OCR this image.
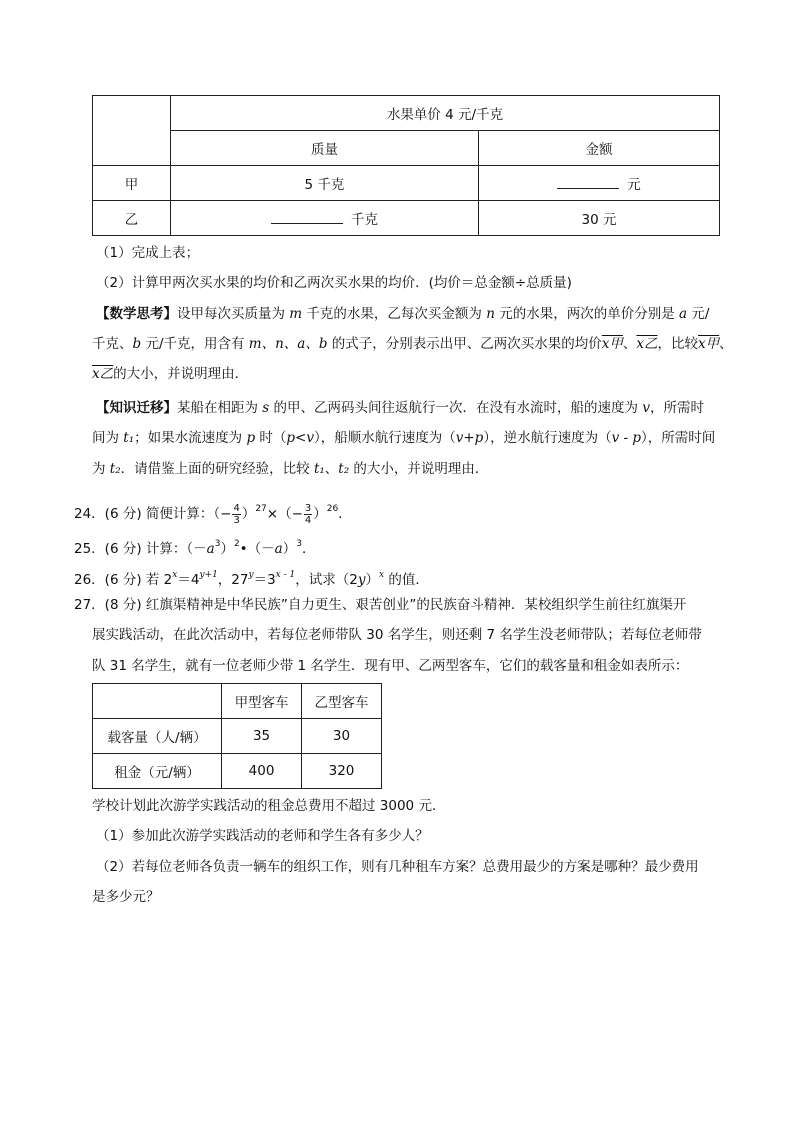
	水果单价 4 元/千克	
	质量	金额
甲	5 千克	元
乙	千克	30 元
（1）完成上表；
（2）计算甲两次买水果的均价和乙两次买水果的均价．(均价＝总金额÷总质量)
【数学思考】设甲每次买质量为 m 千克的水果，乙每次买金额为 n 元的水果，两次的单价分别是 a 元/
千克、b 元/千克，用含有 m、n、a、b 的式子，分别表示出甲、乙两次买水果的均价x甲、x乙，比较x甲、
x乙的大小，并说明理由．
【知识迁移】某船在相距为 s 的甲、乙两码头间往返航行一次．在没有水流时，船的速度为 v，所需时
间为 t₁；如果水流速度为 p 时（p<v），船顺水航行速度为（v+p），逆水航行速度为（v - p），所需时间
为 t₂．请借鉴上面的研究经验，比较 t₁、t₂ 的大小，并说明理由．
24．(6 分) 简便计算：（− $\frac{4}{3} )^{27}\times(- \frac{3}{4} )^{26}$．
25．(6 分) 计算：$(-a^3)^2•(-a)^3$．
26．(6 分) 若 $2^x=4^{y+1}$，$27^y=3^{x - 1}$，试求$(2y)^x$ 的值．
27．(8 分) 红旗渠精神是中华民族”自力更生、艰苦创业”的民族奋斗精神．某校组织学生前往红旗渠开
展实践活动，在此次活动中，若每位老师带队 30 名学生，则还剩 7 名学生没老师带队；若每位老师带
队 31 名学生，就有一位老师少带 1 名学生．现有甲、乙两型客车，它们的载客量和租金如表所示：
	甲型客车	乙型客车
载客量（人/辆）	35	30
租金（元/辆）	400	320
学校计划此次游学实践活动的租金总费用不超过 3000 元．
（1）参加此次游学实践活动的老师和学生各有多少人？
（2）若每位老师各负责一辆车的组织工作，则有几种租车方案？总费用最少的方案是哪种？最少费用
是多少元？
